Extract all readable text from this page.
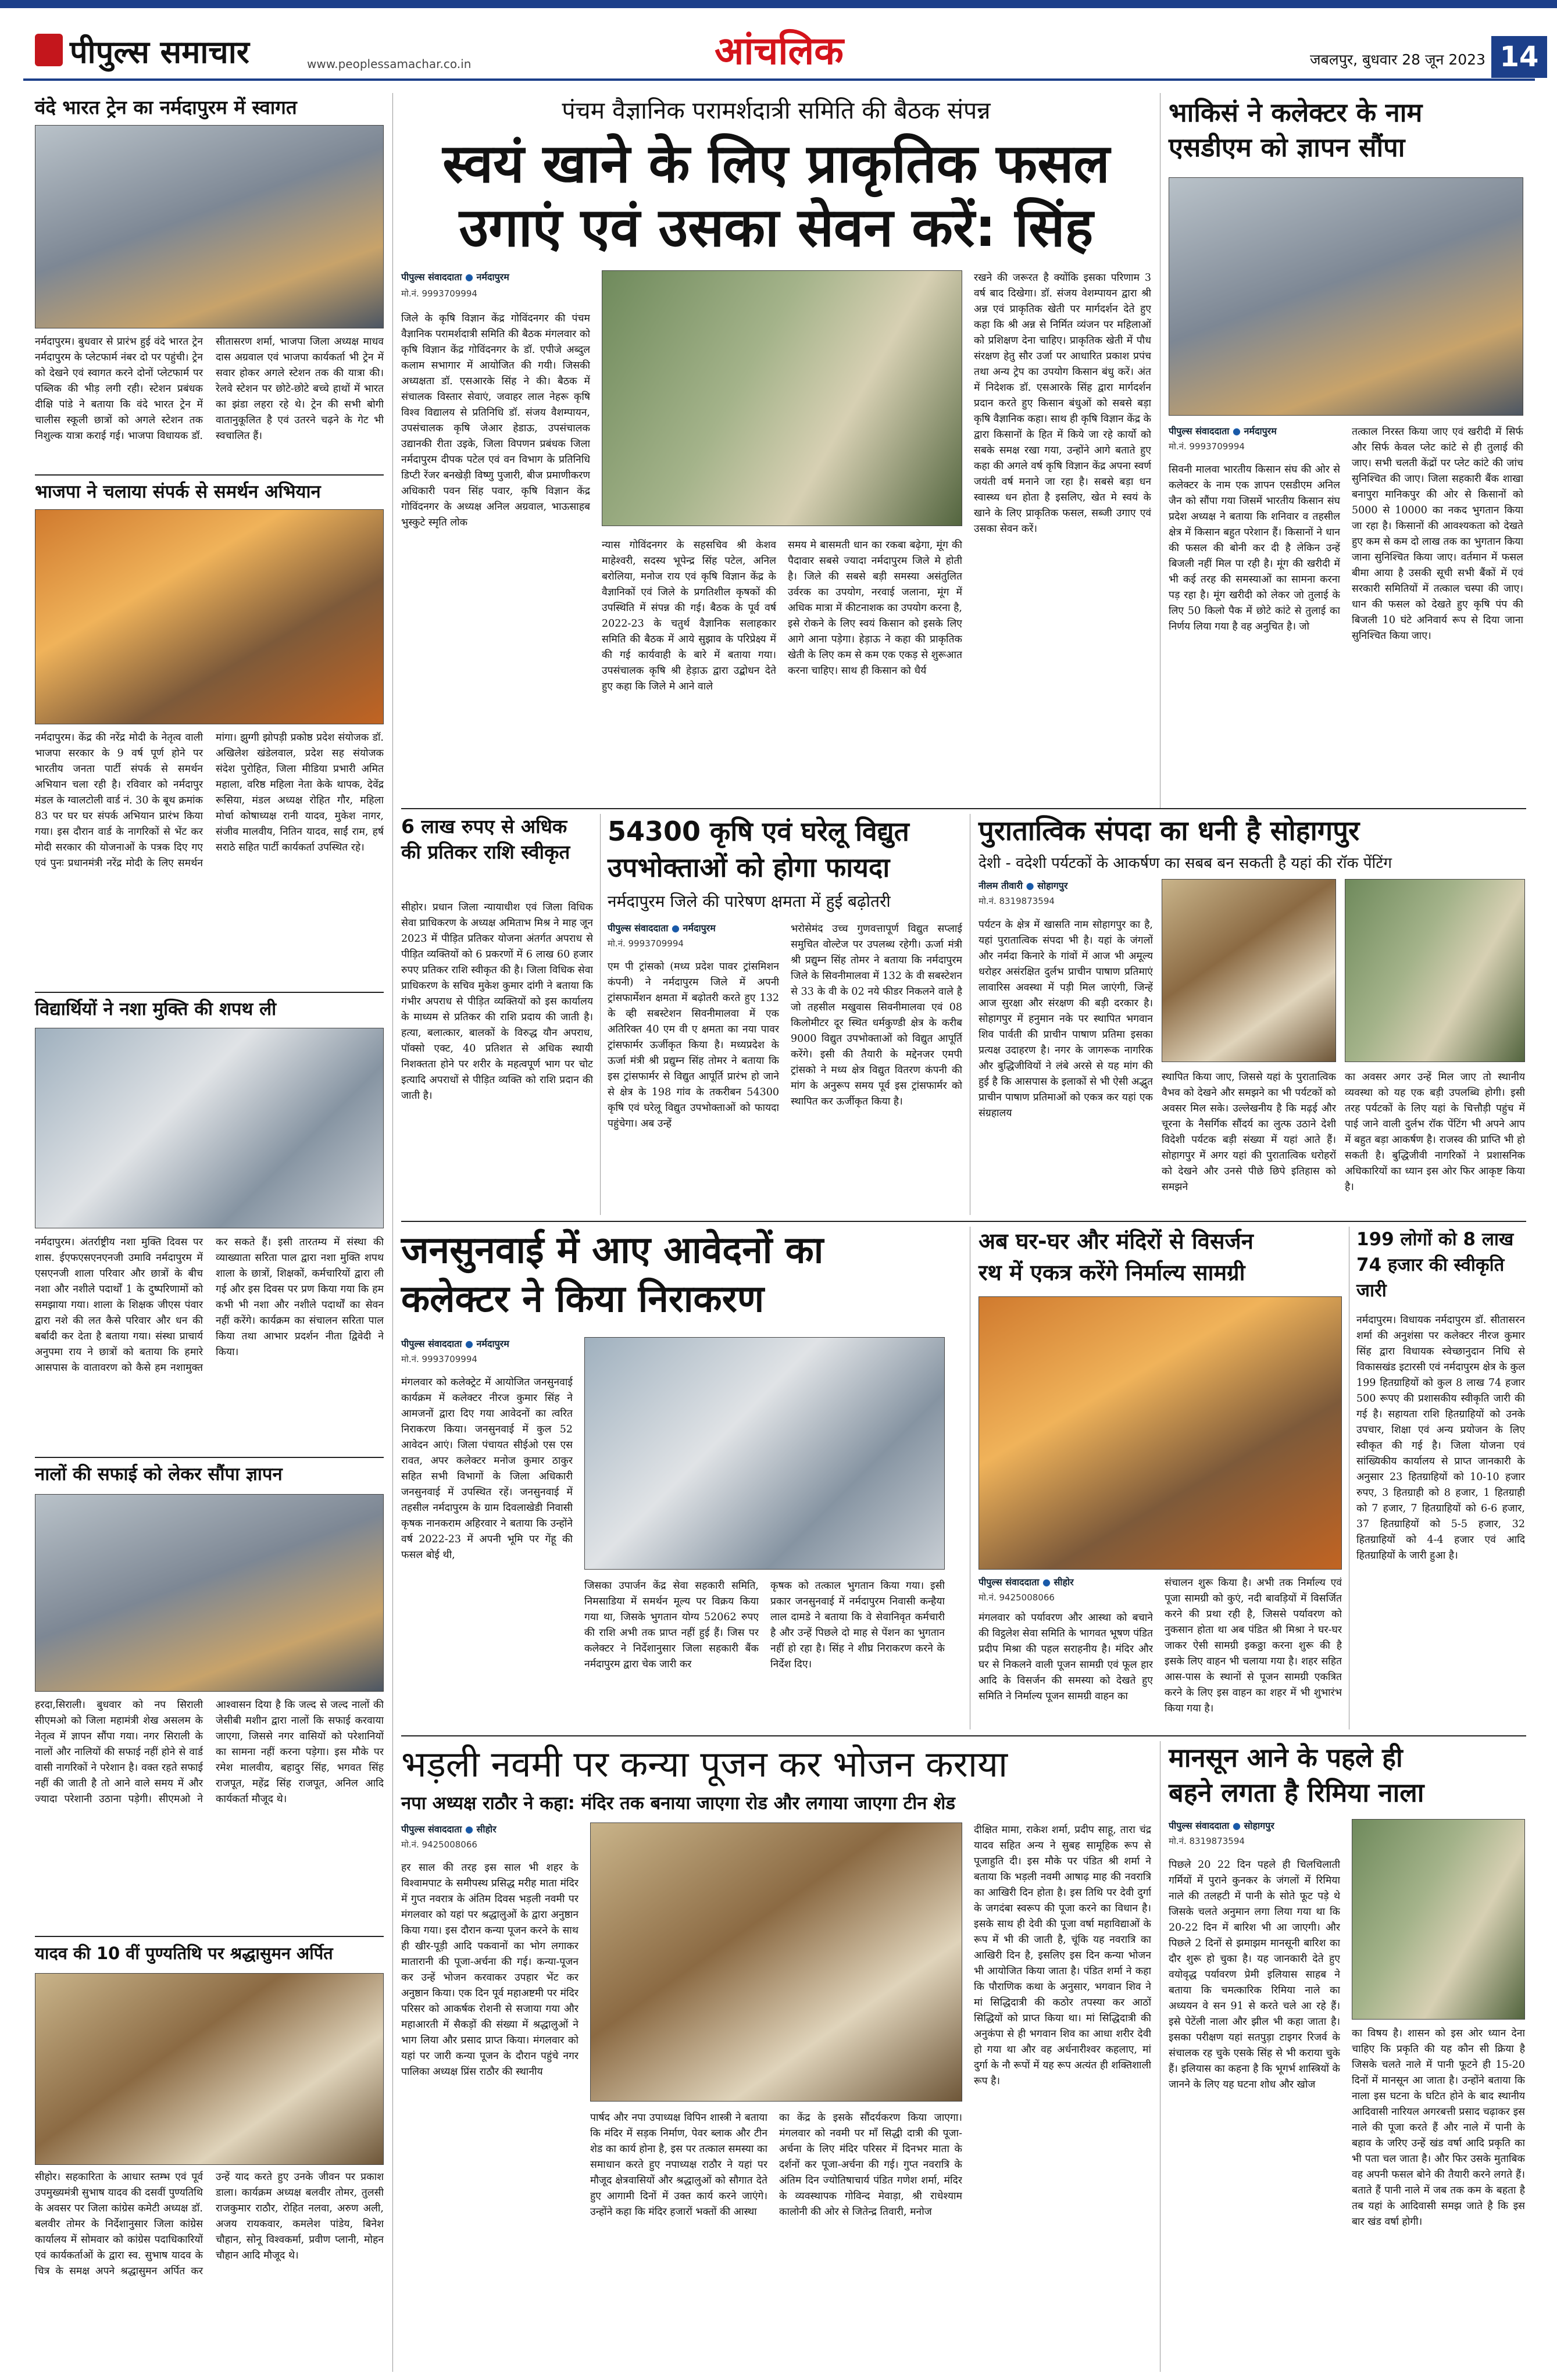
पीपुल्स समाचार	www.peoplessamachar.co.in	आंचलिक	जबलपुर, बुधवार 28 जून 2023 14
वंदे भारत ट्रेन का नर्मदापुरम में स्वागत
नर्मदापुरम। बुधवार से प्रारंभ हुई वंदे भारत ट्रेन नर्मदापुरम के प्लेटफार्म नंबर दो पर पहुंची। ट्रेन को देखने एवं स्वागत करने दोनों प्लेटफार्म पर पब्लिक की भीड़ लगी रही। स्टेशन प्रबंधक दीक्षि पांडे ने बताया कि वंदे भारत ट्रेन में चालीस स्कूली छात्रों को अगले स्टेशन तक निशुल्क यात्रा कराई गई। भाजपा विधायक डॉ. सीतासरण शर्मा, भाजपा जिला अध्यक्ष माधव दास अग्रवाल एवं भाजपा कार्यकर्ता भी ट्रेन में सवार होकर अगले स्टेशन तक की यात्रा की। रेलवे स्टेशन पर छोटे-छोटे बच्चे हाथों में भारत का झंडा लहरा रहे थे। ट्रेन की सभी बोगी वातानुकूलित है एवं उतरने चढ़ने के गेट भी स्वचालित हैं।
भाजपा ने चलाया संपर्क से समर्थन अभियान
नर्मदापुरम। केंद्र की नरेंद्र मोदी के नेतृत्व वाली भाजपा सरकार के 9 वर्ष पूर्ण होने पर भारतीय जनता पार्टी संपर्क से समर्थन अभियान चला रही है। रविवार को नर्मदापुर मंडल के ग्वालटोली वार्ड नं. 30 के बूथ क्रमांक 83 पर घर घर संपर्क अभियान प्रारंभ किया गया। इस दौरान वार्ड के नागरिकों से भेंट कर मोदी सरकार की योजनाओं के पत्रक दिए गए एवं पुनः प्रधानमंत्री नरेंद्र मोदी के लिए समर्थन मांगा। झुग्गी झोपड़ी प्रकोष्ठ प्रदेश संयोजक डॉ. अखिलेश खंडेलवाल, प्रदेश सह संयोजक संदेश पुरोहित, जिला मीडिया प्रभारी अमित महाला, वरिष्ठ महिला नेता केके थापक, देवेंद्र रूसिया, मंडल अध्यक्ष रोहित गौर, महिला मोर्चा कोषाध्यक्ष रानी यादव, मुकेश नागर, संजीव मालवीय, नितिन यादव, साईं राम, हर्ष सराठे सहित पार्टी कार्यकर्ता उपस्थित रहे।
विद्यार्थियों ने नशा मुक्ति की शपथ ली
नर्मदापुरम। अंतर्राष्ट्रीय नशा मुक्ति दिवस पर शास. ईएफएसएनएनजी उमावि नर्मदापुरम में एसएनजी शाला परिवार और छात्रों के बीच नशा और नशीले पदार्थों 1 के दुष्परिणामों को समझाया गया। शाला के शिक्षक जीएस पंवार द्वारा नशे की लत कैसे परिवार और धन की बर्बादी कर देता है बताया गया। संस्था प्राचार्य अनुपमा राय ने छात्रों को बताया कि हमारे आसपास के वातावरण को कैसे हम नशामुक्त कर सकते हैं। इसी तारतम्य में संस्था की व्याख्याता सरिता पाल द्वारा नशा मुक्ति शपथ शाला के छात्रों, शिक्षकों, कर्मचारियों द्वारा ली गई और इस दिवस पर प्रण किया गया कि हम कभी भी नशा और नशीले पदार्थों का सेवन नहीं करेंगे। कार्यक्रम का संचालन सरिता पाल किया तथा आभार प्रदर्शन नीता द्विवेदी ने किया।
नालों की सफाई को लेकर सौंपा ज्ञापन
हरदा,सिराली। बुधवार को नप सिराली सीएमओ को जिला महामंत्री शेख असलम के नेतृत्व में ज्ञापन सौंपा गया। नगर सिराली के नालों और नालियों की सफाई नहीं होने से वार्ड वासी नागरिकों ने परेशान है। वक्त रहते सफाई नहीं की जाती है तो आने वाले समय में और ज्यादा परेशानी उठाना पड़ेगी। सीएमओ ने आश्वासन दिया है कि जल्द से जल्द नालों की जेसीबी मशीन द्वारा नालों कि सफाई करवाया जाएगा, जिससे नगर वासियों को परेशानियों का सामना नहीं करना पड़ेगा। इस मौके पर रमेश मालवीय, बहादुर सिंह, भगवत सिंह राजपूत, महेंद्र सिंह राजपूत, अनिल आदि कार्यकर्ता मौजूद थे।
यादव की 10 वीं पुण्यतिथि पर श्रद्धासुमन अर्पित
सीहोर। सहकारिता के आधार स्तम्भ एवं पूर्व उपमुख्यमंत्री सुभाष यादव की दसवीं पुण्यतिथि के अवसर पर जिला कांग्रेस कमेटी अध्यक्ष डॉ. बलवीर तोमर के निर्देशानुसार जिला कांग्रेस कार्यालय में सोमवार को कांग्रेस पदाधिकारियों एवं कार्यकर्ताओं के द्वारा स्व. सुभाष यादव के चित्र के समक्ष अपने श्रद्धासुमन अर्पित कर उन्हें याद करते हुए उनके जीवन पर प्रकाश डाला। कार्यक्रम अध्यक्ष बलवीर तोमर, तुलसी राजकुमार राठौर, रोहित नलवा, अरुण अली, अजय रायकवार, कमलेश पांडेय, बिनेश चौहान, सोनू विश्वकर्मा, प्रवीण प्लानी, मोहन चौहान आदि मौजूद थे।
पंचम वैज्ञानिक परामर्शदात्री समिति की बैठक संपन्न
स्वयं खाने के लिए प्राकृतिक फसल
उगाएं एवं उसका सेवन करें: सिंह
पीपुल्स संवाददाता ● नर्मदापुरम
मो.नं. 9993709994
जिले के कृषि विज्ञान केंद्र गोविंदनगर की पंचम वैज्ञानिक परामर्शदात्री समिति की बैठक मंगलवार को कृषि विज्ञान केंद्र गोविंदनगर के डॉ. एपीजे अब्दुल कलाम सभागार में आयोजित की गयी। जिसकी अध्यक्षता डॉ. एसआरके सिंह ने की। बैठक में संचालक विस्तार सेवाएं, जवाहर लाल नेहरू कृषि विश्व विद्यालय से प्रतिनिधि डॉ. संजय वैशम्पायन, उपसंचालक कृषि जेआर हेडाऊ, उपसंचालक उद्यानकी रीता उइके, जिला विपणन प्रबंधक जिला नर्मदापुरम दीपक पटेल एवं वन विभाग के प्रतिनिधि डिप्टी रेंजर बनखेड़ी विष्णु पुजारी, बीज प्रमाणीकरण अधिकारी पवन सिंह पवार, कृषि विज्ञान केंद्र गोविंदनगर के अध्यक्ष अनिल अग्रवाल, भाऊसाहब भुस्कुटे स्मृति लोक
न्यास गोविंदनगर के सहसचिव श्री केशव माहेश्वरी, सदस्य भूपेन्द्र सिंह पटेल, अनिल बरोलिया, मनोज राय एवं कृषि विज्ञान केंद्र के वैज्ञानिकों एवं जिले के प्रगतिशील कृषकों की उपस्थिति में संपन्न की गई। बैठक के पूर्व वर्ष 2022-23 के चतुर्थ वैज्ञानिक सलाहकार समिति की बैठक में आये सुझाव के परिप्रेक्ष्य में की गई कार्यवाही के बारे में बताया गया। उपसंचालक कृषि श्री हेड़ाऊ द्वारा उद्बोधन देते हुए कहा कि जिले मे आने वाले
समय मे बासमती धान का रकबा बढ़ेगा, मूंग की पैदावार सबसे ज्यादा नर्मदापुरम जिले मे होती है। जिले की सबसे बड़ी समस्या असंतुलित उर्वरक का उपयोग, नरवाई जलाना, मूंग में अधिक मात्रा में कीटनाशक का उपयोग करना है, इसे रोकने के लिए स्वयं किसान को इसके लिए आगे आना पड़ेगा। हेड़ाऊ ने कहा की प्राकृतिक खेती के लिए कम से कम एक एकड़ से शुरूआत करना चाहिए। साथ ही किसान को धैर्य
रखने की जरूरत है क्योंकि इसका परिणाम 3 वर्ष बाद दिखेगा। डॉ. संजय वेशम्पायन द्वारा श्री अन्न एवं प्राकृतिक खेती पर मार्गदर्शन देते हुए कहा कि श्री अन्न से निर्मित व्यंजन पर महिलाओं को प्रशिक्षण देना चाहिए। प्राकृतिक खेती में पौध संरक्षण हेतु सौर उर्जा पर आधारित प्रकाश प्रपंच तथा अन्य ट्रेप का उपयोग किसान बंधु करें। अंत में निदेशक डॉ. एसआरके सिंह द्वारा मार्गदर्शन प्रदान करते हुए किसान बंधुओं को सबसे बड़ा कृषि वैज्ञानिक कहा। साथ ही कृषि विज्ञान केंद्र के द्वारा किसानों के हित में किये जा रहे कार्यो को सबके समक्ष रखा गया, उन्होंने आगे बताते हुए कहा की अगले वर्ष कृषि विज्ञान केंद्र अपना स्वर्ण जयंती वर्ष मनाने जा रहा है। सबसे बड़ा धन स्वास्थ्य धन होता है इसलिए, खेत मे स्वयं के खाने के लिए प्राकृतिक फसल, सब्जी उगाए एवं उसका सेवन करें।
भाकिसं ने कलेक्टर के नाम
एसडीएम को ज्ञापन सौंपा
पीपुल्स संवाददाता ● नर्मदापुरम
मो.नं. 9993709994
सिवनी मालवा भारतीय किसान संघ की ओर से कलेक्टर के नाम एक ज्ञापन एसडीएम अनिल जैन को सौंपा गया जिसमें भारतीय किसान संघ प्रदेश अध्यक्ष ने बताया कि शनिवार व तहसील क्षेत्र में किसान बहुत परेशान हैं। किसानों ने धान की फसल की बोनी कर दी है लेकिन उन्हें बिजली नहीं मिल पा रही है। मूंग की खरीदी में भी कई तरह की समस्याओं का सामना करना पड़ रहा है। मूंग खरीदी को लेकर जो तुलाई के लिए 50 किलो पैक में छोटे कांटे से तुलाई का निर्णय लिया गया है वह अनुचित है। जो
तत्काल निरस्त किया जाए एवं खरीदी में सिर्फ और सिर्फ केवल प्लेट कांटे से ही तुलाई की जाए। सभी चलती केंद्रों पर प्लेट कांटे की जांच सुनिश्चित की जाए। जिला सहकारी बैंक शाखा बनापुरा मानिकपुर की ओर से किसानों को 5000 से 10000 का नकद भुगतान किया जा रहा है। किसानों की आवश्यकता को देखते हुए कम से कम दो लाख तक का भुगतान किया जाना सुनिश्चित किया जाए। वर्तमान में फसल बीमा आया है उसकी सूची सभी बैंकों में एवं सरकारी समितियों में तत्काल चस्पा की जाए। धान की फसल को देखते हुए कृषि पंप की बिजली 10 घंटे अनिवार्य रूप से दिया जाना सुनिश्चित किया जाए।
6 लाख रुपए से अधिक की प्रतिकर राशि स्वीकृत
सीहोर। प्रधान जिला न्यायाधीश एवं जिला विधिक सेवा प्राधिकरण के अध्यक्ष अमिताभ मिश्र ने माह जून 2023 में पीड़ित प्रतिकर योजना अंतर्गत अपराध से पीड़ित व्यक्तियों को 6 प्रकरणों में 6 लाख 60 हजार रुपए प्रतिकर राशि स्वीकृत की है। जिला विधिक सेवा प्राधिकरण के सचिव मुकेश कुमार दांगी ने बताया कि गंभीर अपराध से पीड़ित व्यक्तियों को इस कार्यालय के माध्यम से प्रतिकर की राशि प्रदाय की जाती है। हत्या, बलात्कार, बालकों के विरुद्ध यौन अपराध, पॉक्सो एक्ट, 40 प्रतिशत से अधिक स्थायी निशक्तता होने पर शरीर के महत्वपूर्ण भाग पर चोट इत्यादि अपराधों से पीड़ित व्यक्ति को राशि प्रदान की जाती है।
54300 कृषि एवं घरेलू विद्युत
उपभोक्ताओं को होगा फायदा
नर्मदापुरम जिले की पारेषण क्षमता में हुई बढ़ोतरी
पीपुल्स संवाददाता ● नर्मदापुरम
मो.नं. 9993709994
एम पी ट्रांसको (मध्य प्रदेश पावर ट्रांसमिशन कंपनी) ने नर्मदापुरम जिले में अपनी ट्रांसफार्मेशन क्षमता में बढ़ोतरी करते हुए 132 के व्ही सबस्टेशन सिवनीमालवा में एक अतिरिक्त 40 एम वी ए क्षमता का नया पावर ट्रांसफार्मर ऊर्जीकृत किया है। मध्यप्रदेश के ऊर्जा मंत्री श्री प्रद्युम्न सिंह तोमर ने बताया कि इस ट्रांसफार्मर से विद्युत आपूर्ति प्रारंभ हो जाने से क्षेत्र के 198 गांव के तकरीबन 54300 कृषि एवं घरेलू विद्युत उपभोक्ताओं को फायदा पहुंचेगा। अब उन्हें
भरोसेमंद उच्च गुणवत्तापूर्ण विद्युत सप्लाई समुचित वोल्टेज पर उपलब्ध रहेगी। ऊर्जा मंत्री श्री प्रद्युम्न सिंह तोमर ने बताया कि नर्मदापुरम जिले के सिवनीमालवा में 132 के वी सबस्टेशन से 33 के वी के 02 नये फीडर निकलने वाले है जो तहसील मखुवास सिवनीमालवा एवं 08 किलोमीटर दूर स्थित धर्मकुण्डी क्षेत्र के करीब 9000 विद्युत उपभोक्ताओं को विद्युत आपूर्ति करेंगे। इसी की तैयारी के मद्देनजर एमपी ट्रांसको ने मध्य क्षेत्र विद्युत वितरण कंपनी की मांग के अनुरूप समय पूर्व इस ट्रांसफार्मर को स्थापित कर ऊर्जीकृत किया है।
पुरातात्विक संपदा का धनी है सोहागपुर
देशी - वदेशी पर्यटकों के आकर्षण का सबब बन सकती है यहां की रॉक पेंटिंग
नीलम तीवारी ● सोहागपुर
मो.नं. 8319873594
पर्यटन के क्षेत्र में खासति नाम सोहागपुर का है, यहां पुरातात्विक संपदा भी है। यहां के जंगलों और नर्मदा किनारे के गांवों में आज भी अमूल्य धरोहर असंरक्षित दुर्लभ प्राचीन पाषाण प्रतिमाएं लावारिस अवस्था में पड़ी मिल जाएंगी, जिन्हें आज सुरक्षा और संरक्षण की बड़ी दरकार है। सोहागपुर में हनुमान नके पर स्थापित भगवान शिव पार्वती की प्राचीन पाषाण प्रतिमा इसका प्रत्यक्ष उदाहरण है। नगर के जागरूक नागरिक और बुद्धिजीवियों ने लंबे अरसे से यह मांग की हुई है कि आसपास के इलाकों से भी ऐसी अद्भुत प्राचीन पाषाण प्रतिमाओं को एकत्र कर यहां एक संग्रहालय
स्थापित किया जाए, जिससे यहां के पुरातात्विक वैभव को देखने और समझने का भी पर्यटकों को अवसर मिल सके। उल्लेखनीय है कि मढ़ई और चूरना के नैसर्गिक सौंदर्य का लुत्फ उठाने देशी विदेशी पर्यटक बड़ी संख्या में यहां आते हैं। सोहागपुर में अगर यहां की पुरातात्विक धरोहरों को देखने और उनसे पीछे छिपे इतिहास को समझने
का अवसर अगर उन्हें मिल जाए तो स्थानीय व्यवस्था को यह एक बड़ी उपलब्धि होगी। इसी तरह पर्यटकों के लिए यहां के चित्तौड़ी पहुंच में पाई जाने वाली दुर्लभ रॉक पेंटिंग भी अपने आप में बहुत बड़ा आकर्षण है। राजस्व की प्राप्ति भी हो सकती है। बुद्धिजीवी नागरिकों ने प्रशासनिक अधिकारियों का ध्यान इस ओर फिर आकृष्ट किया है।
जनसुनवाई में आए आवेदनों का
कलेक्टर ने किया निराकरण
पीपुल्स संवाददाता ● नर्मदापुरम
मो.नं. 9993709994
मंगलवार को कलेक्ट्रेट में आयोजित जनसुनवाई कार्यक्रम में कलेक्टर नीरज कुमार सिंह ने आमजनों द्वारा दिए गया आवेदनों का त्वरित निराकरण किया। जनसुनवाई में कुल 52 आवेदन आएं। जिला पंचायत सीईओ एस एस रावत, अपर कलेक्टर मनोज कुमार ठाकुर सहित सभी विभागों के जिला अधिकारी जनसुनवाई में उपस्थित रहें। जनसुनवाई में तहसील नर्मदापुरम के ग्राम दिवलाखेडी निवासी कृषक नानकराम अहिरवार ने बताया कि उन्होंने वर्ष 2022-23 में अपनी भूमि पर गेंहू की फसल बोई थी,
जिसका उपार्जन केंद्र सेवा सहकारी समिति, निमसाडिया में समर्थन मूल्य पर विक्रय किया गया था, जिसके भुगतान योग्य 52062 रुपए की राशि अभी तक प्राप्त नहीं हुई हैं। जिस पर कलेक्टर ने निर्देशानुसार जिला सहकारी बैंक नर्मदापुरम द्वारा चेक जारी कर
कृषक को तत्काल भुगतान किया गया। इसी प्रकार जनसुनवाई में नर्मदापुरम निवासी कन्हैया लाल दामडे ने बताया कि वे सेवानिवृत कर्मचारी है और उन्हें पिछले दो माह से पेंशन का भुगतान नहीं हो रहा है। सिंह ने शीघ्र निराकरण करने के निर्देश दिए।
अब घर-घर और मंदिरों से विसर्जन
रथ में एकत्र करेंगे निर्माल्य सामग्री
पीपुल्स संवाददाता ● सीहोर
मो.नं. 9425008066
मंगलवार को पर्यावरण और आस्था को बचाने की विट्ठलेश सेवा समिति के भागवत भूषण पंडित प्रदीप मिश्रा की पहल सराहनीय है। मंदिर और घर से निकलने वाली पूजन सामग्री एवं फूल हार आदि के विसर्जन की समस्या को देखते हुए समिति ने निर्माल्य पूजन सामग्री वाहन का
संचालन शुरू किया है। अभी तक निर्माल्य एवं पूजा सामग्री को कुएं, नदी बावड़ियों में विसर्जित करने की प्रथा रही है, जिससे पर्यावरण को नुकसान होता था अब पंडित श्री मिश्रा ने घर-घर जाकर ऐसी सामग्री इकठ्ठा करना शुरू की है इसके लिए वाहन भी चलाया गया है। शहर सहित आस-पास के स्थानों से पूजन सामग्री एकत्रित करने के लिए इस वाहन का शहर में भी शुभारंभ किया गया है।
199 लोगों को 8 लाख 74 हजार की स्वीकृति जारी
नर्मदापुरम। विधायक नर्मदापुरम डॉ. सीतासरन शर्मा की अनुशंसा पर कलेक्टर नीरज कुमार सिंह द्वारा विधायक स्वेच्छानुदान निधि से विकासखंड इटारसी एवं नर्मदापुरम क्षेत्र के कुल 199 हितग्राहियों को कुल 8 लाख 74 हजार 500 रूपए की प्रशासकीय स्वीकृति जारी की गई है। सहायता राशि हितग्राहियों को उनके उपचार, शिक्षा एवं अन्य प्रयोजन के लिए स्वीकृत की गई है। जिला योजना एवं सांख्यिकीय कार्यालय से प्राप्त जानकारी के अनुसार 23 हितग्राहियों को 10-10 हजार रुपए, 3 हितग्राही को 8 हजार, 1 हितग्राही को 7 हजार, 7 हितग्राहियों को 6-6 हजार, 37 हितग्राहियों को 5-5 हजार, 32 हितग्राहियों को 4-4 हजार एवं आदि हितग्राहियों के जारी हुआ है।
भड़ली नवमी पर कन्या पूजन कर भोजन कराया
नपा अध्यक्ष राठौर ने कहा: मंदिर तक बनाया जाएगा रोड और लगाया जाएगा टीन शेड
पीपुल्स संवाददाता ● सीहोर
मो.नं. 9425008066
हर साल की तरह इस साल भी शहर के विश्वामपाट के समीपस्थ प्रसिद्ध मरीह माता मंदिर में गुप्त नवरात्र के अंतिम दिवस भड़ली नवमी पर मंगलवार को यहां पर श्रद्धालुओं के द्वारा अनुष्ठान किया गया। इस दौरान कन्या पूजन करने के साथ ही खीर-पूड़ी आदि पकवानों का भोग लगाकर मातारानी की पूजा-अर्चना की गई। कन्या-पूजन कर उन्हें भोजन करवाकर उपहार भेंट कर अनुष्ठान किया। एक दिन पूर्व महाअष्टमी पर मंदिर परिसर को आकर्षक रोशनी से सजाया गया और महाआरती में सैकड़ों की संख्या में श्रद्धालुओं ने भाग लिया और प्रसाद प्राप्त किया। मंगलवार को यहां पर जारी कन्या पूजन के दौरान पहुंचे नगर पालिका अध्यक्ष प्रिंस राठौर की स्थानीय
पार्षद और नपा उपाध्यक्ष विपिन शास्त्री ने बताया कि मंदिर में सड़क निर्माण, पेवर ब्लाक और टीन शेड का कार्य होना है, इस पर तत्काल समस्या का समाधान करते हुए नपाध्यक्ष राठौर ने यहां पर मौजूद क्षेत्रवासियों और श्रद्धालुओं को सौगात देते हुए आगामी दिनों में उक्त कार्य करने जाएंगे। उन्होंने कहा कि मंदिर हजारों भक्तों की आस्था
का केंद्र के इसके सौंदर्यकरण किया जाएगा। मंगलवार को नवमी पर माँ सिद्धी दात्री की पूजा-अर्चना के लिए मंदिर परिसर में दिनभर माता के दर्शनों कर पूजा-अर्चना की गई। गुप्त नवरात्रि के अंतिम दिन ज्योतिषाचार्य पंडित गणेश शर्मा, मंदिर के व्यवस्थापक गोविन्द मेवाड़ा, श्री राधेश्याम कालोनी की ओर से जितेन्द्र तिवारी, मनोज
दीक्षित मामा, राकेश शर्मा, प्रदीप साहू, तारा चंद्र यादव सहित अन्य ने सुबह सामूहिक रूप से पूजाहुति दी। इस मौके पर पंडित श्री शर्मा ने बताया कि भड़ली नवमी आषाढ़ माह की नवरात्रि का आखिरी दिन होता है। इस तिथि पर देवी दुर्गा के जगदंबा स्वरूप की पूजा करने का विधान है। इसके साथ ही देवी की पूजा वर्षा महाविद्याओं के रूप में भी की जाती है, चूंकि यह नवरात्रि का आखिरी दिन है, इसलिए इस दिन कन्या भोजन भी आयोजित किया जाता है। पंडित शर्मा ने कहा कि पौराणिक कथा के अनुसार, भगवान शिव ने मां सिद्धिदात्री की कठोर तपस्या कर आठों सिद्धियों को प्राप्त किया था। मां सिद्धिदात्री की अनुकंपा से ही भगवान शिव का आधा शरीर देवी हो गया था और वह अर्धनारीश्वर कहलाए, मां दुर्गा के नौ रूपों में यह रूप अत्यंत ही शक्तिशाली रूप है।
मानसून आने के पहले ही
बहने लगता है रिमिया नाला
पीपुल्स संवाददाता ● सोहागपुर
मो.नं. 8319873594
पिछले 20 22 दिन पहले ही चिलचिलाती गर्मियों में पुराने कुनकर के जंगलों में रिमिया नाले की तलहटी में पानी के सोते फूट पड़े थे जिसके चलते अनुमान लगा लिया गया था कि 20-22 दिन में बारिश भी आ जाएगी। और पिछले 2 दिनों से झमाझम मानसूनी बारिश का दौर शुरू हो चुका है। यह जानकारी देते हुए वयोवृद्ध पर्यावरण प्रेमी इलियास साहब ने बताया कि चमत्कारिक रिमिया नाले का अध्ययन वे सन 91 से करते चले आ रहे हैं। इसे पेटेंली नाला और झील भी कहा जाता है। इसका परीक्षण यहां सतपुड़ा टाइगर रिजर्व के संचालक रह चुके एसके सिंह से भी कराया चुके हैं। इलियास का कहना है कि भूगर्भ शास्त्रियों के जानने के लिए यह घटना शोध और खोज
का विषय है। शासन को इस ओर ध्यान देना चाहिए कि प्रकृति की यह कौन सी क्रिया है जिसके चलते नाले में पानी फूटने ही 15-20 दिनों में मानसून आ जाता है। उन्होंने बताया कि नाला इस घटना के घटित होने के बाद स्थानीय आदिवासी नारियल अगरबत्ती प्रसाद चढ़ाकर इस नाले की पूजा करते हैं और नाले में पानी के बहाव के जरिए उन्हें खंड वर्षा आदि प्रकृति का भी पता चल जाता है। और फिर उसके मुताबिक वह अपनी फसल बोने की तैयारी करने लगते हैं। बताते हैं पानी नाले में जब तक कम के बहता है तब यहां के आदिवासी समझ जाते है कि इस बार खंड वर्षा होगी।
